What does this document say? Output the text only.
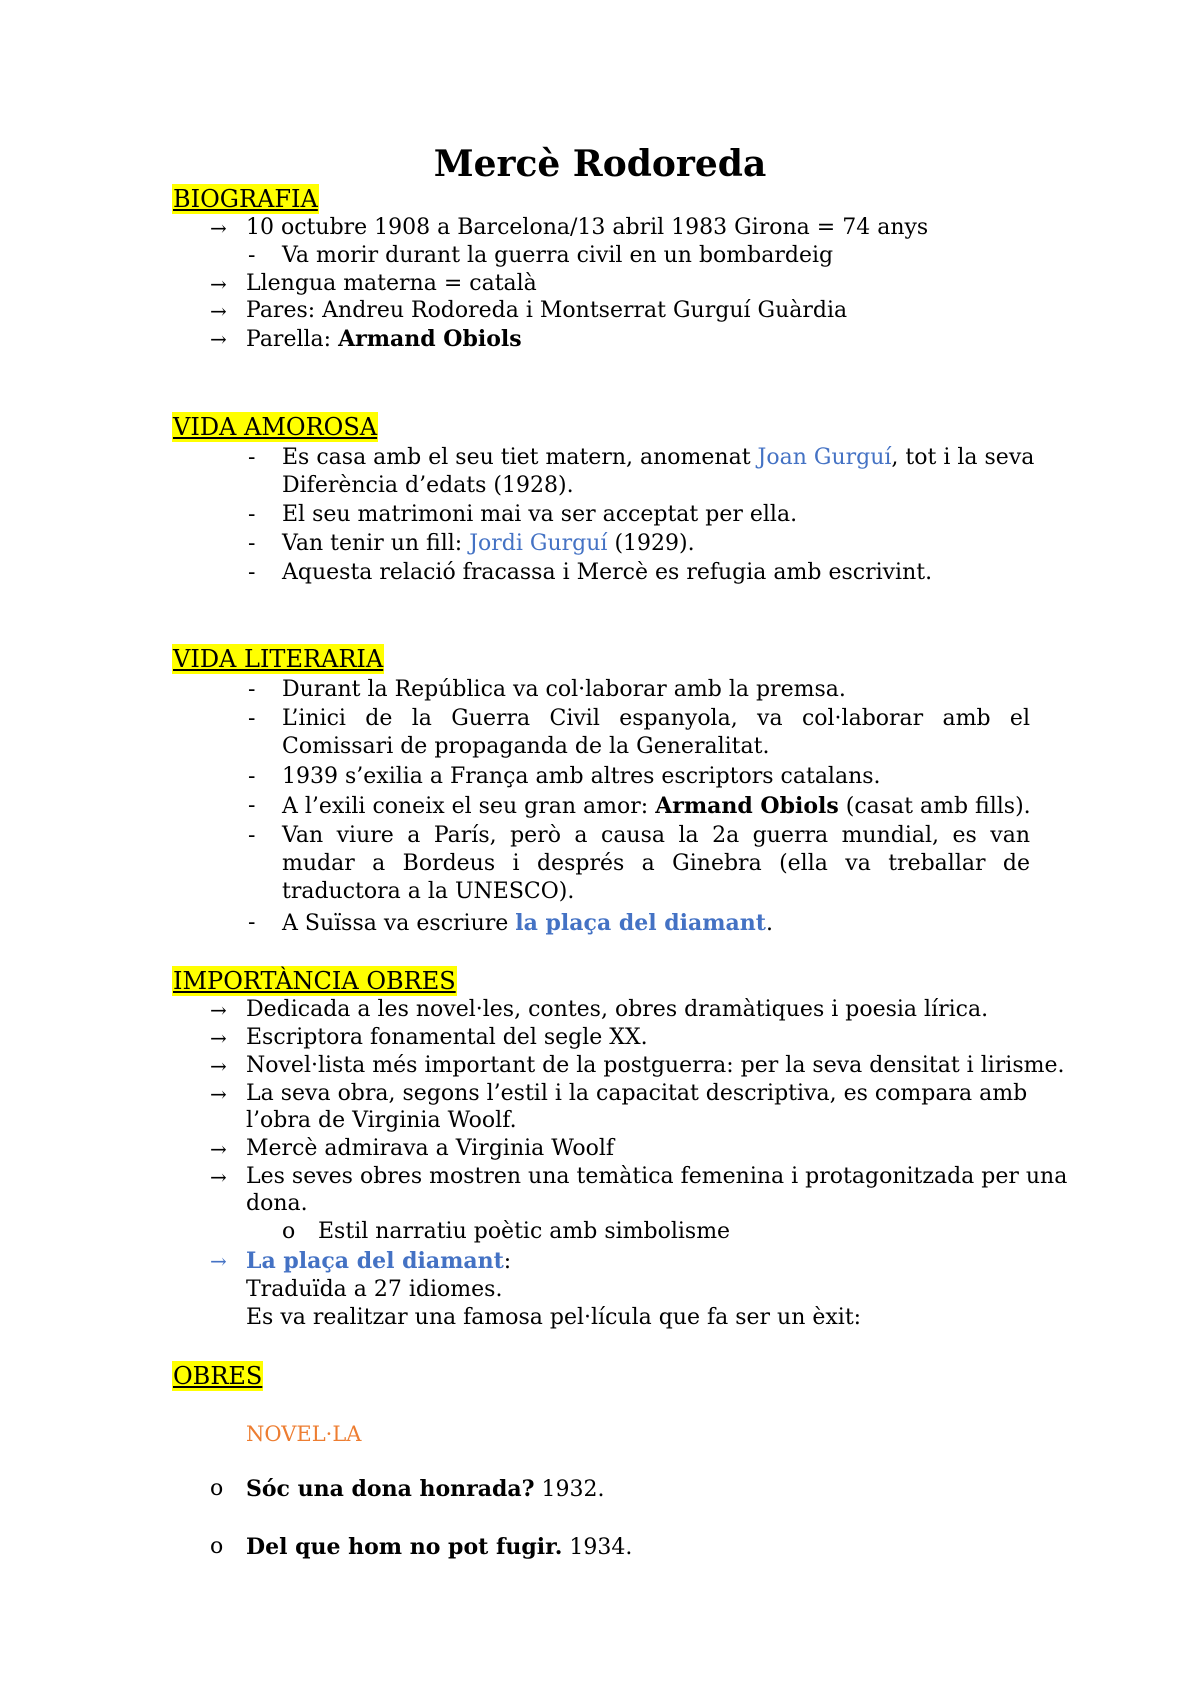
Mercè Rodoreda
BIOGRAFIA
→ 10 octubre 1908 a Barcelona/13 abril 1983 Girona = 74 anys
- Va morir durant la guerra civil en un bombardeig
→ Llengua materna = català
→ Pares: Andreu Rodoreda i Montserrat Gurguí Guàrdia
→ Parella: Armand Obiols
VIDA AMOROSA
- Es casa amb el seu tiet matern, anomenat Joan Gurguí, tot i la seva
Diferència d’edats (1928).
- El seu matrimoni mai va ser acceptat per ella.
- Van tenir un fill: Jordi Gurguí (1929).
- Aquesta relació fracassa i Mercè es refugia amb escrivint.
VIDA LITERARIA
- Durant la República va col·laborar amb la premsa.
- L’inici de la Guerra Civil espanyola, va col·laborar amb el Comissari de propaganda de la Generalitat.
- 1939 s’exilia a França amb altres escriptors catalans.
- A l’exili coneix el seu gran amor: Armand Obiols (casat amb fills).
- Van viure a París, però a causa la 2a guerra mundial, es van mudar a Bordeus i després a Ginebra (ella va treballar de traductora a la UNESCO).
- A Suïssa va escriure la plaça del diamant.
IMPORTÀNCIA OBRES
→ Dedicada a les novel·les, contes, obres dramàtiques i poesia lírica.
→ Escriptora fonamental del segle XX.
→ Novel·lista més important de la postguerra: per la seva densitat i lirisme.
→ La seva obra, segons l’estil i la capacitat descriptiva, es compara amb
l’obra de Virginia Woolf.
→ Mercè admirava a Virginia Woolf
→ Les seves obres mostren una temàtica femenina i protagonitzada per una
dona.
o Estil narratiu poètic amb simbolisme
→ La plaça del diamant:
Traduïda a 27 idiomes.
Es va realitzar una famosa pel·lícula que fa ser un èxit:
OBRES
NOVEL·LA
o Sóc una dona honrada? 1932.
o Del que hom no pot fugir. 1934.
